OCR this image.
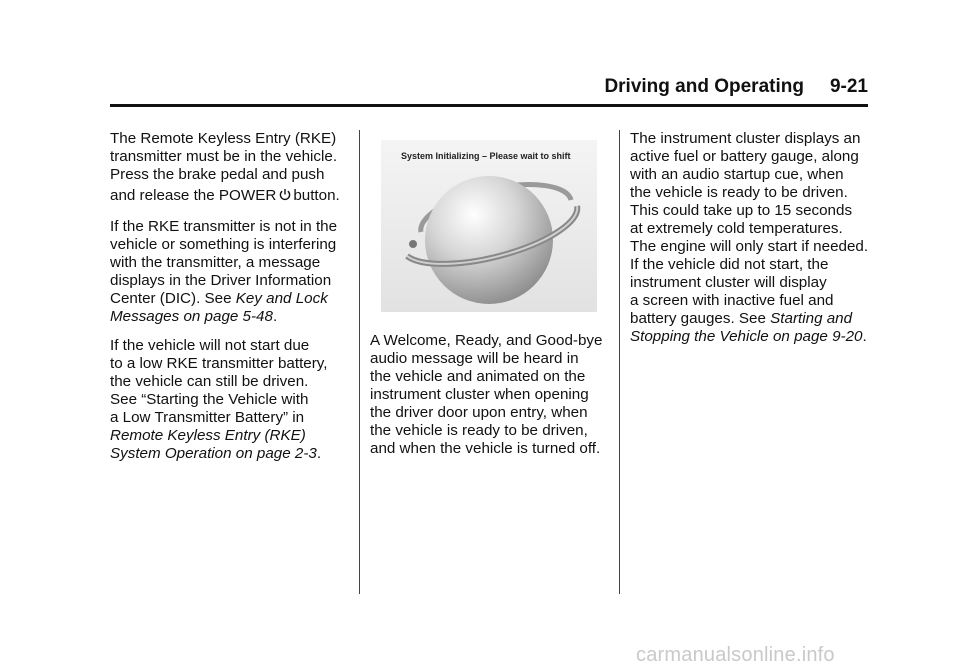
Driving and Operating 9-21

The Remote Keyless Entry (RKE)
transmitter must be in the vehicle.
Press the brake pedal and push
and release the POWER button.

If the RKE transmitter is not in the
vehicle or something is interfering
with the transmitter, a message
displays in the Driver Information
Center (DIC). See Key and Lock
Messages on page 5-48.

If the vehicle will not start due
to a low RKE transmitter battery,
the vehicle can still be driven.
See “Starting the Vehicle with
a Low Transmitter Battery” in
Remote Keyless Entry (RKE)
System Operation on page 2-3.

System Initializing – Please wait to shift

A Welcome, Ready, and Good-bye
audio message will be heard in
the vehicle and animated on the
instrument cluster when opening
the driver door upon entry, when
the vehicle is ready to be driven,
and when the vehicle is turned off.

The instrument cluster displays an
active fuel or battery gauge, along
with an audio startup cue, when
the vehicle is ready to be driven.
This could take up to 15 seconds
at extremely cold temperatures.
The engine will only start if needed.
If the vehicle did not start, the
instrument cluster will display
a screen with inactive fuel and
battery gauges. See Starting and
Stopping the Vehicle on page 9-20.

carmanualsonline.info
